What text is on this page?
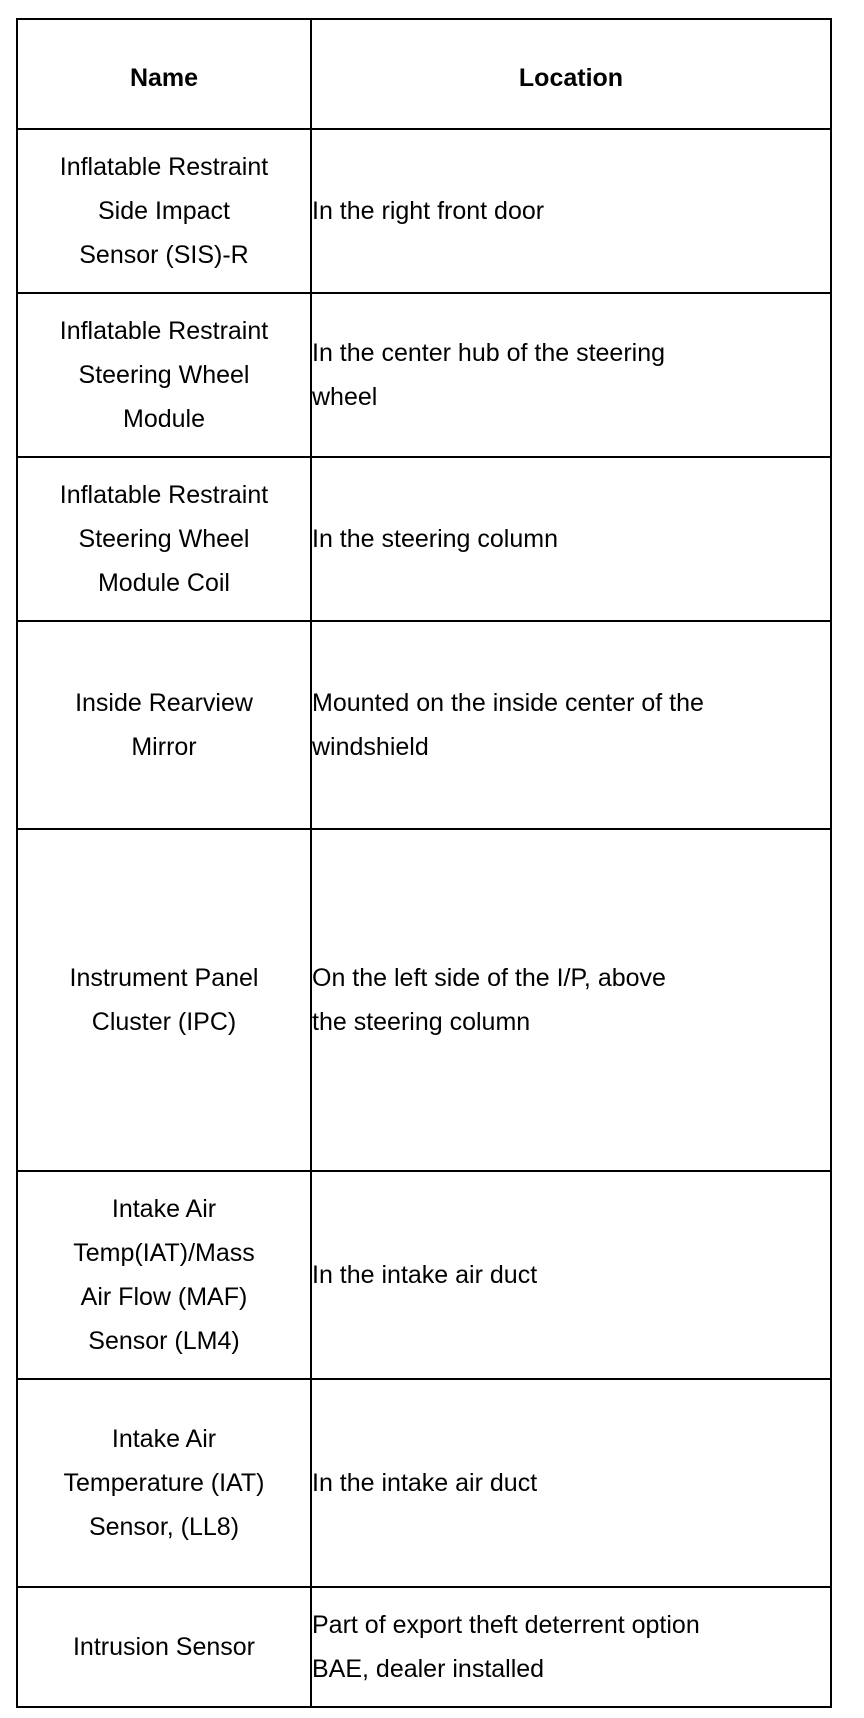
Name	Location

Inflatable Restraint
Side Impact
Sensor (SIS)-R	In the right front door

Inflatable Restraint
Steering Wheel
Module	In the center hub of the steering
wheel

Inflatable Restraint
Steering Wheel
Module Coil	In the steering column

Inside Rearview
Mirror	Mounted on the inside center of the
windshield

Instrument Panel
Cluster (IPC)	On the left side of the I/P, above
the steering column

Intake Air
Temp(IAT)/Mass
Air Flow (MAF)
Sensor (LM4)	In the intake air duct

Intake Air
Temperature (IAT)
Sensor, (LL8)	In the intake air duct

Intrusion Sensor	Part of export theft deterrent option
BAE, dealer installed
